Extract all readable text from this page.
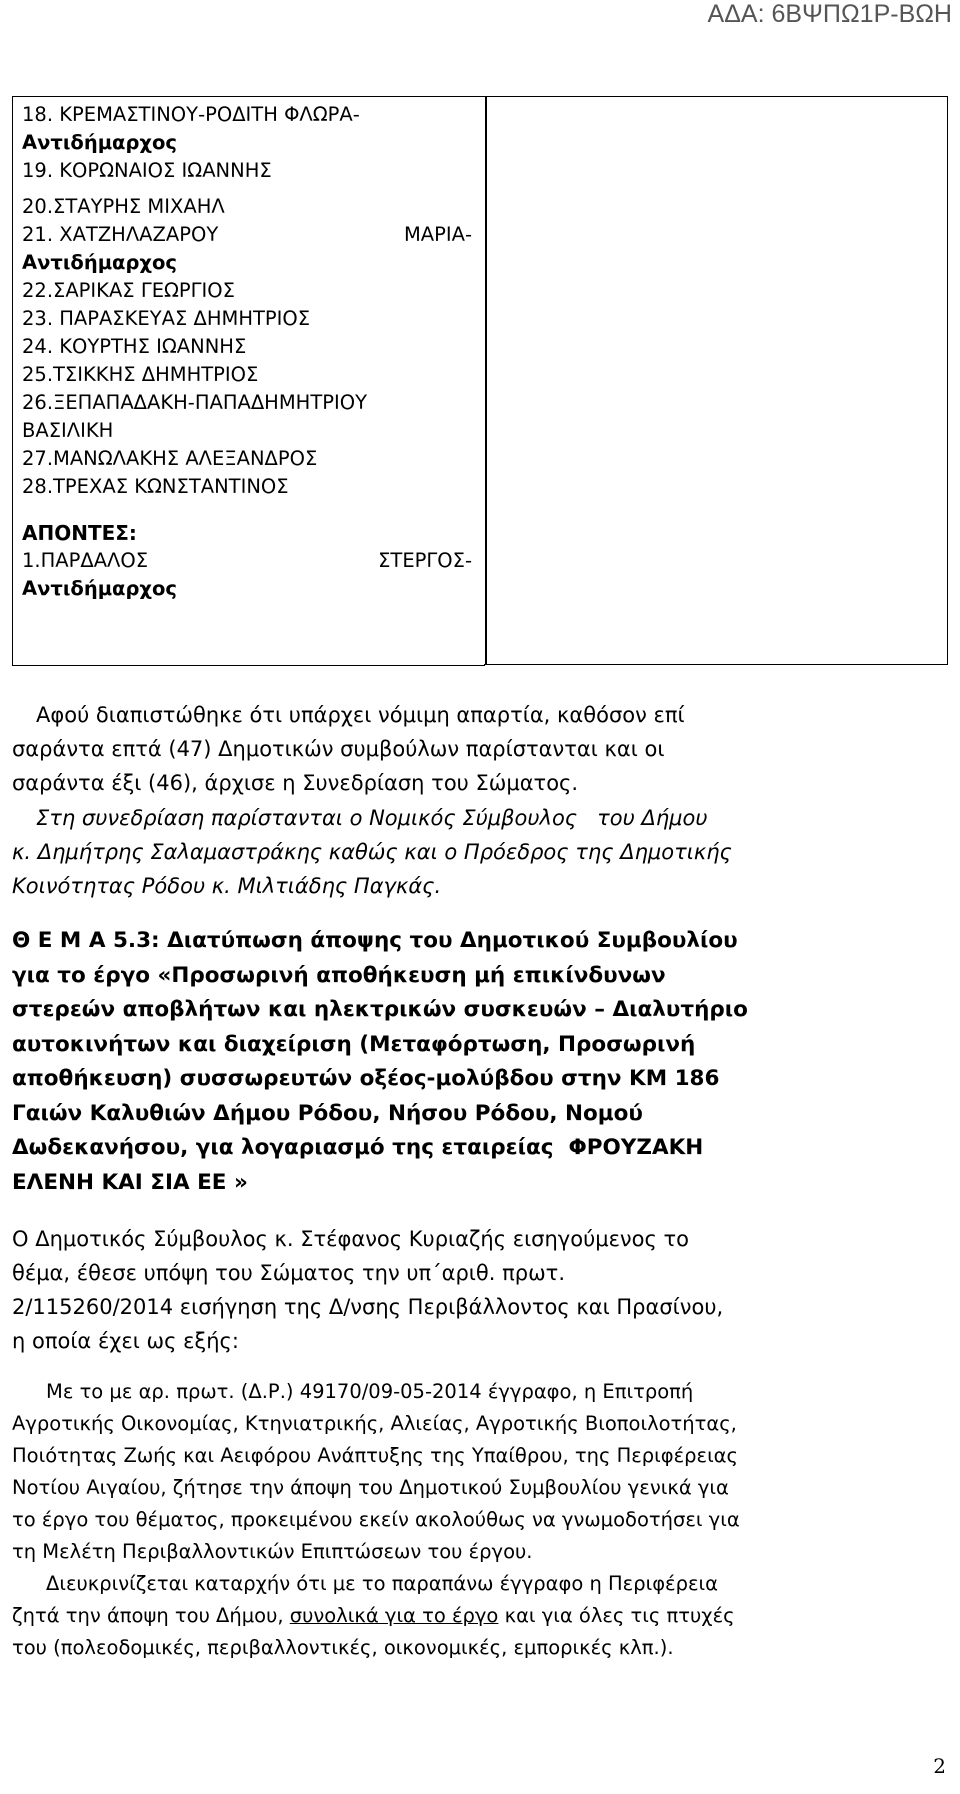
ΑΔΑ: 6ΒΨΠΩ1Ρ-ΒΩΗ
18. ΚΡΕΜΑΣΤΙΝΟΥ-ΡΟΔΙΤΗ ΦΛΩΡΑ-
Αντιδήμαρχος
19. ΚΟΡΩΝΑΙΟΣ ΙΩΑΝΝΗΣ
20.ΣΤΑΥΡΗΣ ΜΙΧΑΗΛ
21. ΧΑΤΖΗΛΑΖΑΡΟΥ	ΜΑΡΙΑ-
Αντιδήμαρχος
22.ΣΑΡΙΚΑΣ ΓΕΩΡΓΙΟΣ
23. ΠΑΡΑΣΚΕΥΑΣ ΔΗΜΗΤΡΙΟΣ
24. ΚΟΥΡΤΗΣ ΙΩΑΝΝΗΣ
25.ΤΣΙΚΚΗΣ ΔΗΜΗΤΡΙΟΣ
26.ΞΕΠΑΠΑΔΑΚΗ-ΠΑΠΑΔΗΜΗΤΡΙΟΥ
ΒΑΣΙΛΙΚΗ
27.ΜΑΝΩΛΑΚΗΣ ΑΛΕΞΑΝΔΡΟΣ
28.ΤΡΕΧΑΣ ΚΩΝΣΤΑΝΤΙΝΟΣ
ΑΠΟΝΤΕΣ:
1.ΠΑΡΔΑΛΟΣ	ΣΤΕΡΓΟΣ-
Αντιδήμαρχος
Αφού διαπιστώθηκε ότι υπάρχει νόμιμη απαρτία, καθόσον επί
σαράντα επτά (47) Δημοτικών συμβούλων παρίστανται και οι
σαράντα έξι (46), άρχισε η Συνεδρίαση του Σώματος.
Στη συνεδρίαση παρίστανται ο Νομικός Σύμβουλος   του Δήμου
κ. Δημήτρης Σαλαμαστράκης καθώς και ο Πρόεδρος της Δημοτικής
Κοινότητας Ρόδου κ. Μιλτιάδης Παγκάς.
Θ Ε Μ Α 5.3: Διατύπωση άποψης του Δημοτικού Συμβουλίου
για το έργο «Προσωρινή αποθήκευση μή επικίνδυνων
στερεών αποβλήτων και ηλεκτρικών συσκευών – Διαλυτήριο
αυτοκινήτων και διαχείριση (Μεταφόρτωση, Προσωρινή
αποθήκευση) συσσωρευτών οξέος-μολύβδου στην ΚΜ 186
Γαιών Καλυθιών Δήμου Ρόδου, Νήσου Ρόδου, Νομού
Δωδεκανήσου, για λογαριασμό της εταιρείας  ΦΡΟΥΖΑΚΗ
ΕΛΕΝΗ ΚΑΙ ΣΙΑ ΕΕ »
Ο Δημοτικός Σύμβουλος κ. Στέφανος Κυριαζής εισηγούμενος το
θέμα, έθεσε υπόψη του Σώματος την υπ΄αριθ. πρωτ.
2/115260/2014 εισήγηση της Δ/νσης Περιβάλλοντος και Πρασίνου,
η οποία έχει ως εξής:
Με το με αρ. πρωτ. (Δ.Ρ.) 49170/09-05-2014 έγγραφο, η Επιτροπή
Αγροτικής Οικονομίας, Κτηνιατρικής, Αλιείας, Αγροτικής Βιοποιλοτήτας,
Ποιότητας Ζωής και Αειφόρου Ανάπτυξης της Υπαίθρου, της Περιφέρειας
Νοτίου Αιγαίου, ζήτησε την άποψη του Δημοτικού Συμβουλίου γενικά για
το έργο του θέματος, προκειμένου εκείν ακολούθως να γνωμοδοτήσει για
τη Μελέτη Περιβαλλοντικών Επιπτώσεων του έργου.
Διευκρινίζεται καταρχήν ότι με το παραπάνω έγγραφο η Περιφέρεια
ζητά την άποψη του Δήμου, συνολικά για το έργο και για όλες τις πτυχές
του (πολεοδομικές, περιβαλλοντικές, οικονομικές, εμπορικές κλπ.).
2
